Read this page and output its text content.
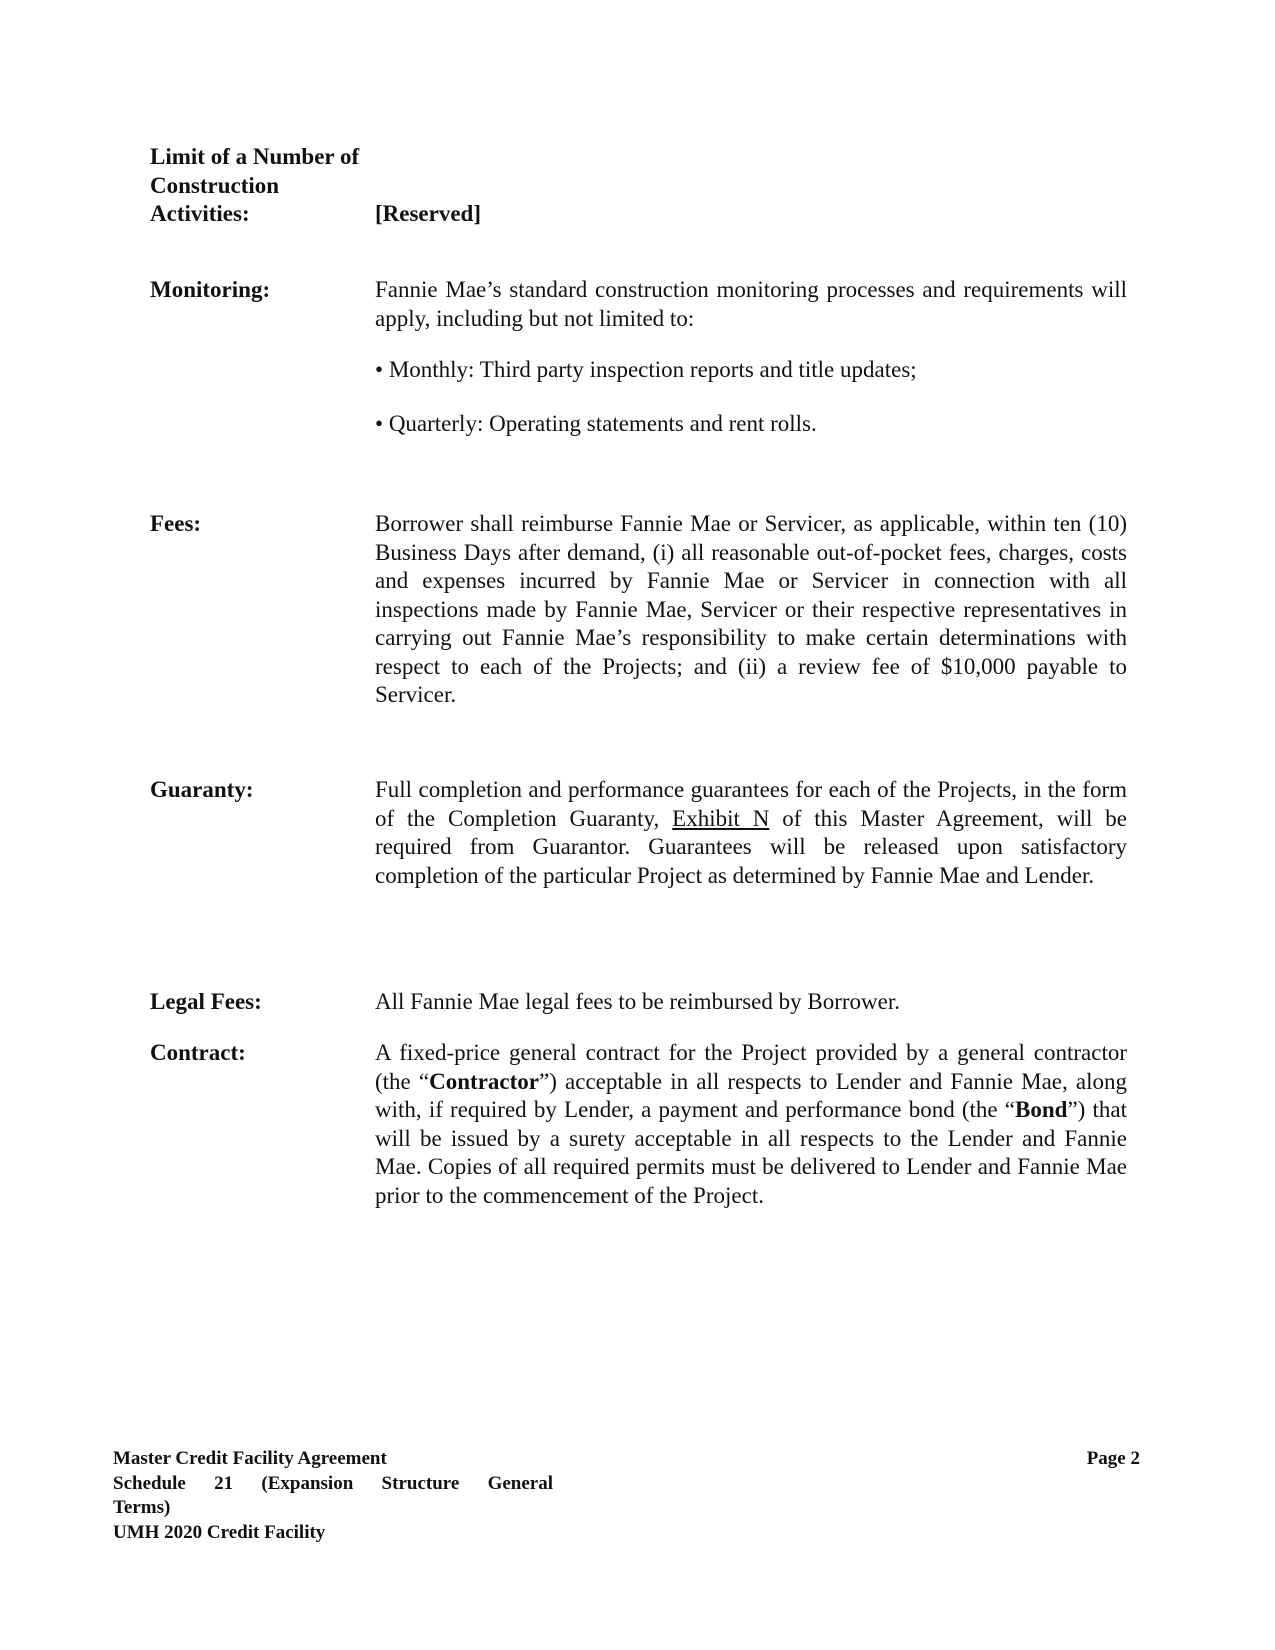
Limit of a Number of Construction Activities:	[Reserved]
Monitoring:	Fannie Mae’s standard construction monitoring processes and requirements will apply, including but not limited to:

• Monthly: Third party inspection reports and title updates;

• Quarterly: Operating statements and rent rolls.

Fees:	Borrower shall reimburse Fannie Mae or Servicer, as applicable, within ten (10) Business Days after demand, (i) all reasonable out-of-pocket fees, charges, costs and expenses incurred by Fannie Mae or Servicer in connection with all inspections made by Fannie Mae, Servicer or their respective representatives in carrying out Fannie Mae’s responsibility to make certain determinations with respect to each of the Projects; and (ii) a review fee of $10,000 payable to Servicer.
Guaranty:	Full completion and performance guarantees for each of the Projects, in the form of the Completion Guaranty, Exhibit N of this Master Agreement, will be required from Guarantor. Guarantees will be released upon satisfactory completion of the particular Project as determined by Fannie Mae and Lender.
Legal Fees:	All Fannie Mae legal fees to be reimbursed by Borrower.
Contract:	A fixed-price general contract for the Project provided by a general contractor (the “Contractor”) acceptable in all respects to Lender and Fannie Mae, along with, if required by Lender, a payment and performance bond (the “Bond”) that will be issued by a surety acceptable in all respects to the Lender and Fannie Mae. Copies of all required permits must be delivered to Lender and Fannie Mae prior to the commencement of the Project.
Master Credit Facility Agreement
Schedule 21 (Expansion Structure General
Terms)
UMH 2020 Credit Facility
Page 2
